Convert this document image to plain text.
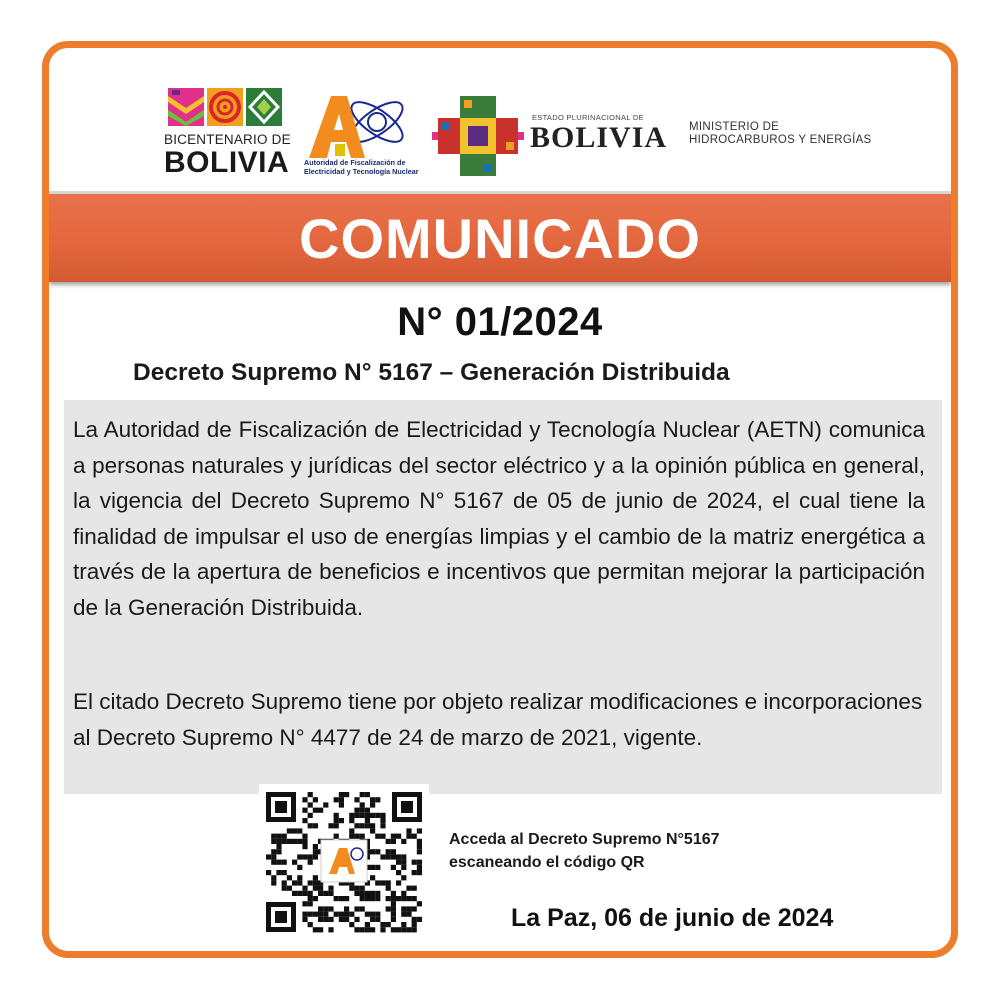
BICENTENARIO DE
BOLIVIA Autoridad de Fiscalización de Electricidad y Tecnología Nuclear
ESTADO PLURINACIONAL DE
BOLIVIA MINISTERIO DE
HIDROCARBUROS Y ENERGÍAS
COMUNICADO
N° 01/2024
Decreto Supremo N° 5167 – Generación Distribuida
La Autoridad de Fiscalización de Electricidad y Tecnología Nuclear (AETN) comunica a personas naturales y jurídicas del sector eléctrico y a la opinión pública en general, la vigencia del Decreto Supremo N° 5167 de 05 de junio de 2024, el cual tiene la finalidad de impulsar el uso de energías limpias y el cambio de la matriz energética a través de la apertura de beneficios e incentivos que permitan mejorar la participación de la Generación Distribuida.
El citado Decreto Supremo tiene por objeto realizar modificaciones e incorporaciones al Decreto Supremo N° 4477 de 24 de marzo de 2021, vigente.
Acceda al Decreto Supremo N°5167
escaneando el código QR
La Paz, 06 de junio de 2024
